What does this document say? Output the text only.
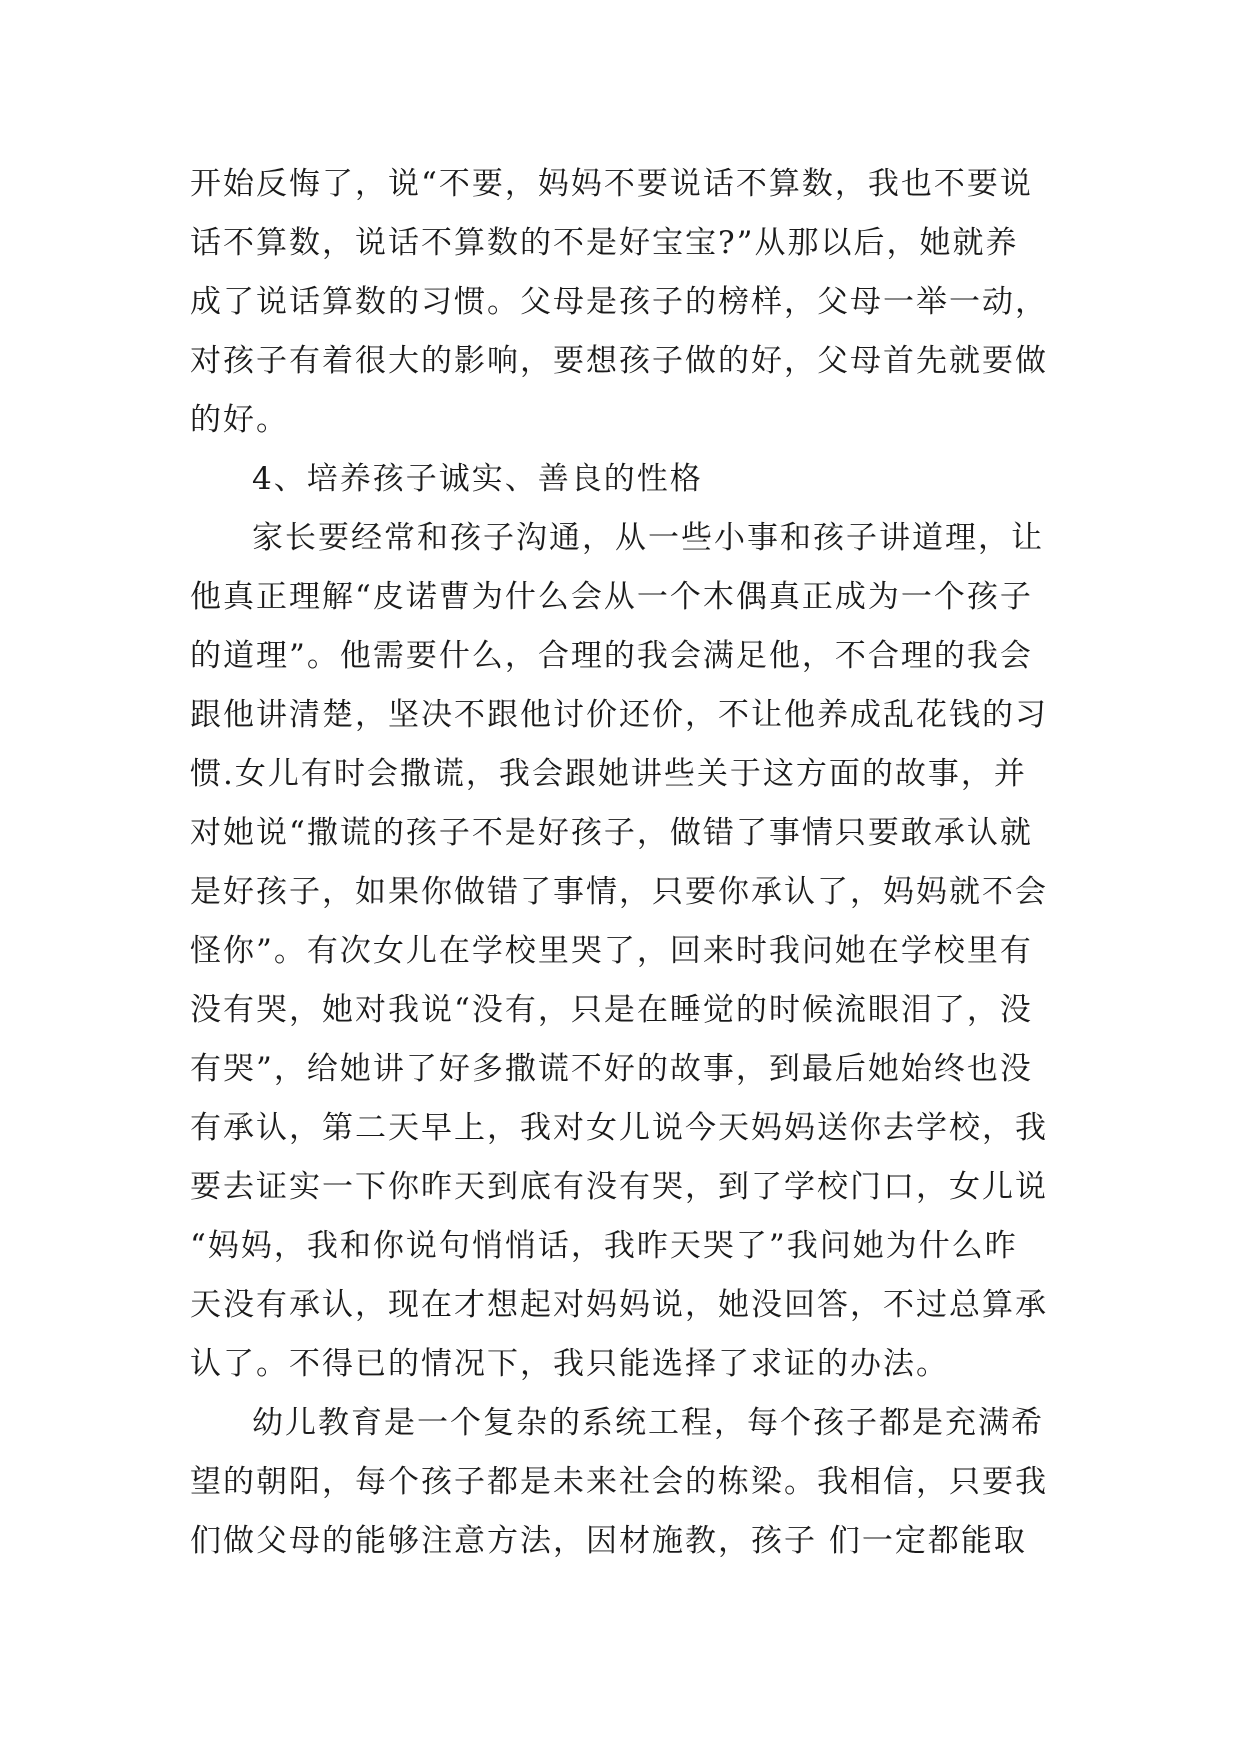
开始反悔了，说“不要，妈妈不要说话不算数，我也不要说
话不算数，说话不算数的不是好宝宝?”从那以后，她就养
成了说话算数的习惯。父母是孩子的榜样，父母一举一动，
对孩子有着很大的影响，要想孩子做的好，父母首先就要做
的好。
4、培养孩子诚实、善良的性格
家长要经常和孩子沟通，从一些小事和孩子讲道理，让
他真正理解“皮诺曹为什么会从一个木偶真正成为一个孩子
的道理”。他需要什么，合理的我会满足他，不合理的我会
跟他讲清楚，坚决不跟他讨价还价，不让他养成乱花钱的习
惯.女儿有时会撒谎，我会跟她讲些关于这方面的故事，并
对她说“撒谎的孩子不是好孩子，做错了事情只要敢承认就
是好孩子，如果你做错了事情，只要你承认了，妈妈就不会
怪你”。有次女儿在学校里哭了，回来时我问她在学校里有
没有哭，她对我说“没有，只是在睡觉的时候流眼泪了，没
有哭”，给她讲了好多撒谎不好的故事，到最后她始终也没
有承认，第二天早上，我对女儿说今天妈妈送你去学校，我
要去证实一下你昨天到底有没有哭，到了学校门口，女儿说
“妈妈，我和你说句悄悄话，我昨天哭了”我问她为什么昨
天没有承认，现在才想起对妈妈说，她没回答，不过总算承
认了。不得已的情况下，我只能选择了求证的办法。
幼儿教育是一个复杂的系统工程，每个孩子都是充满希
望的朝阳，每个孩子都是未来社会的栋梁。我相信，只要我
们做父母的能够注意方法，因材施教，孩子 们一定都能取
